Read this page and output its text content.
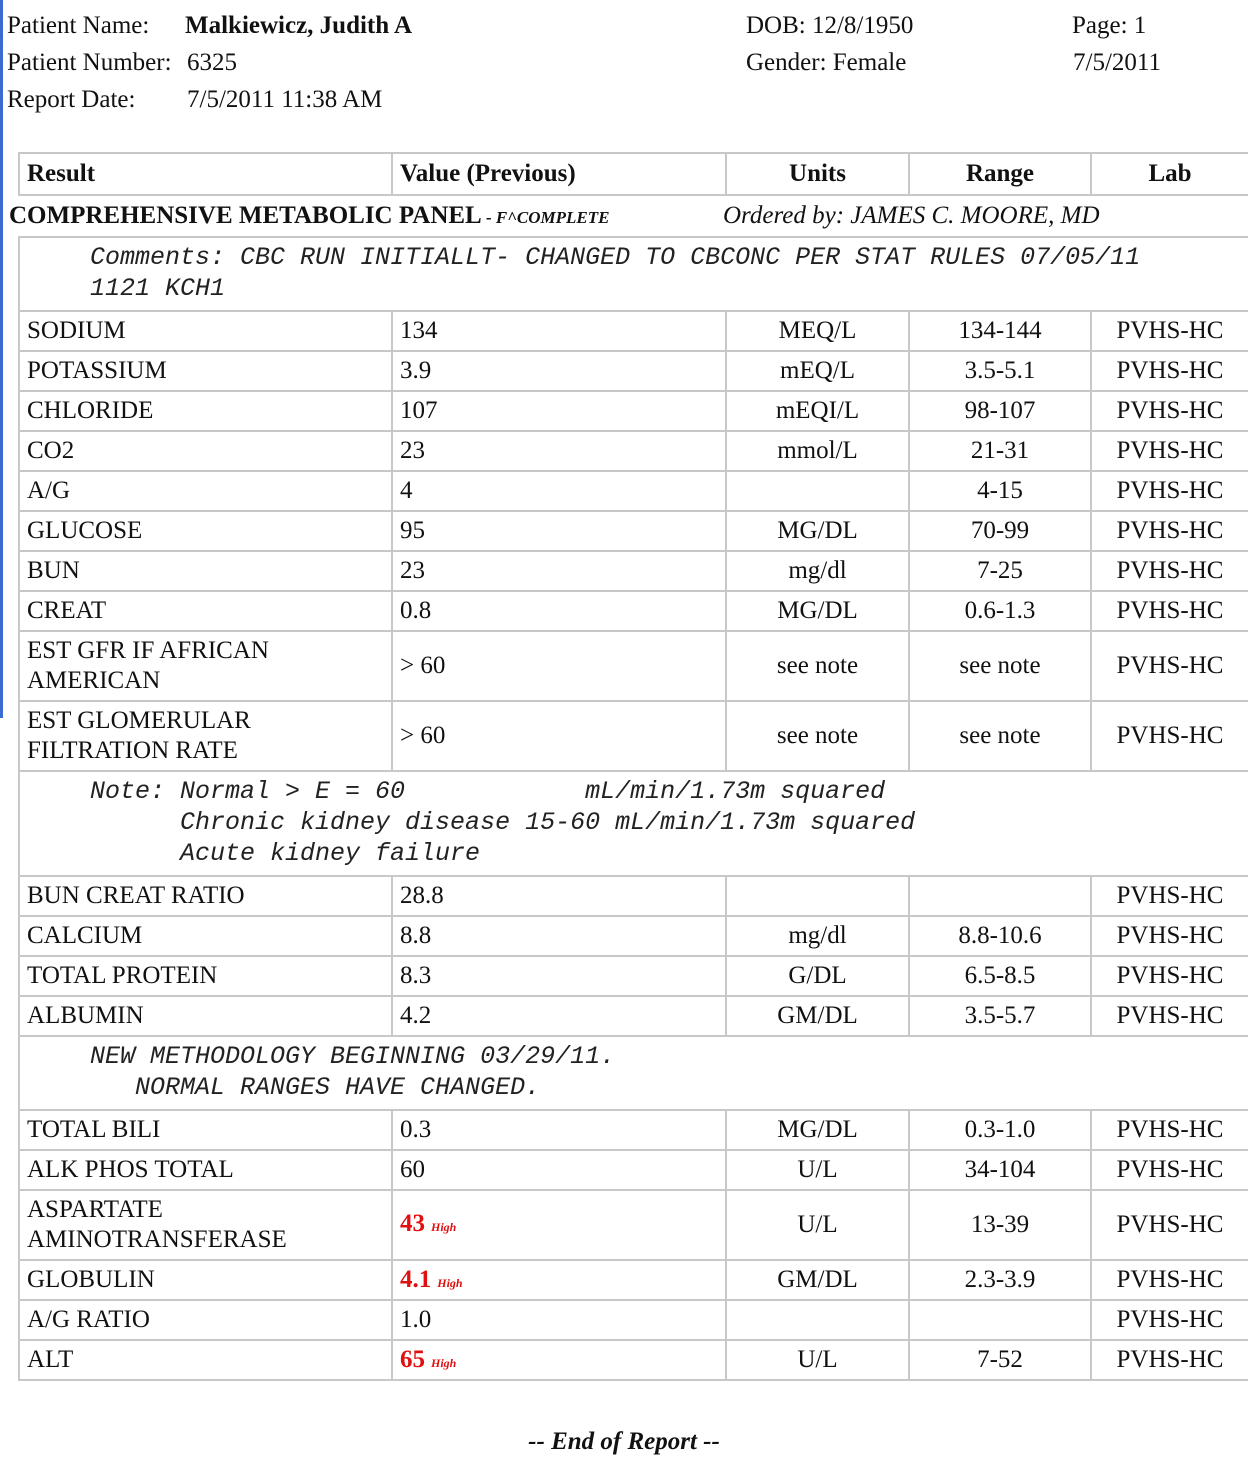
Patient Name: Malkiewicz, Judith A
Patient Number: 6325
Report Date: 7/5/2011 11:38 AM
DOB: 12/8/1950
Gender: Female
Page: 1
7/5/2011
Result	Value (Previous)	Units	Range	Lab
COMPREHENSIVE METABOLIC PANEL - F^COMPLETE Ordered by: JAMES C. MOORE, MD				

Comments: CBC RUN INITIALLT- CHANGED TO CBCONC PER STAT RULES 07/05/11
1121 KCH1				
SODIUM	134	MEQ/L	134-144	PVHS-HC
POTASSIUM	3.9	mEQ/L	3.5-5.1	PVHS-HC
CHLORIDE	107	mEQI/L	98-107	PVHS-HC
CO2	23	mmol/L	21-31	PVHS-HC
A/G	4		4-15	PVHS-HC
GLUCOSE	95	MG/DL	70-99	PVHS-HC
BUN	23	mg/dl	7-25	PVHS-HC
CREAT	0.8	MG/DL	0.6-1.3	PVHS-HC
EST GFR IF AFRICAN AMERICAN	> 60	see note	see note	PVHS-HC
EST GLOMERULAR FILTRATION RATE	> 60	see note	see note	PVHS-HC
Note: Normal > E = 60            mL/min/1.73m squared
Chronic kidney disease 15-60 mL/min/1.73m squared
Acute kidney failure				
BUN CREAT RATIO	28.8			PVHS-HC
CALCIUM	8.8	mg/dl	8.8-10.6	PVHS-HC
TOTAL PROTEIN	8.3	G/DL	6.5-8.5	PVHS-HC
ALBUMIN	4.2	GM/DL	3.5-5.7	PVHS-HC
NEW METHODOLOGY BEGINNING 03/29/11.
NORMAL RANGES HAVE CHANGED.				
TOTAL BILI	0.3	MG/DL	0.3-1.0	PVHS-HC
ALK PHOS TOTAL	60	U/L	34-104	PVHS-HC
ASPARTATE AMINOTRANSFERASE	43 High	U/L	13-39	PVHS-HC
GLOBULIN	4.1 High	GM/DL	2.3-3.9	PVHS-HC
A/G RATIO	1.0			PVHS-HC
ALT	65 High	U/L	7-52	PVHS-HC
-- End of Report --
